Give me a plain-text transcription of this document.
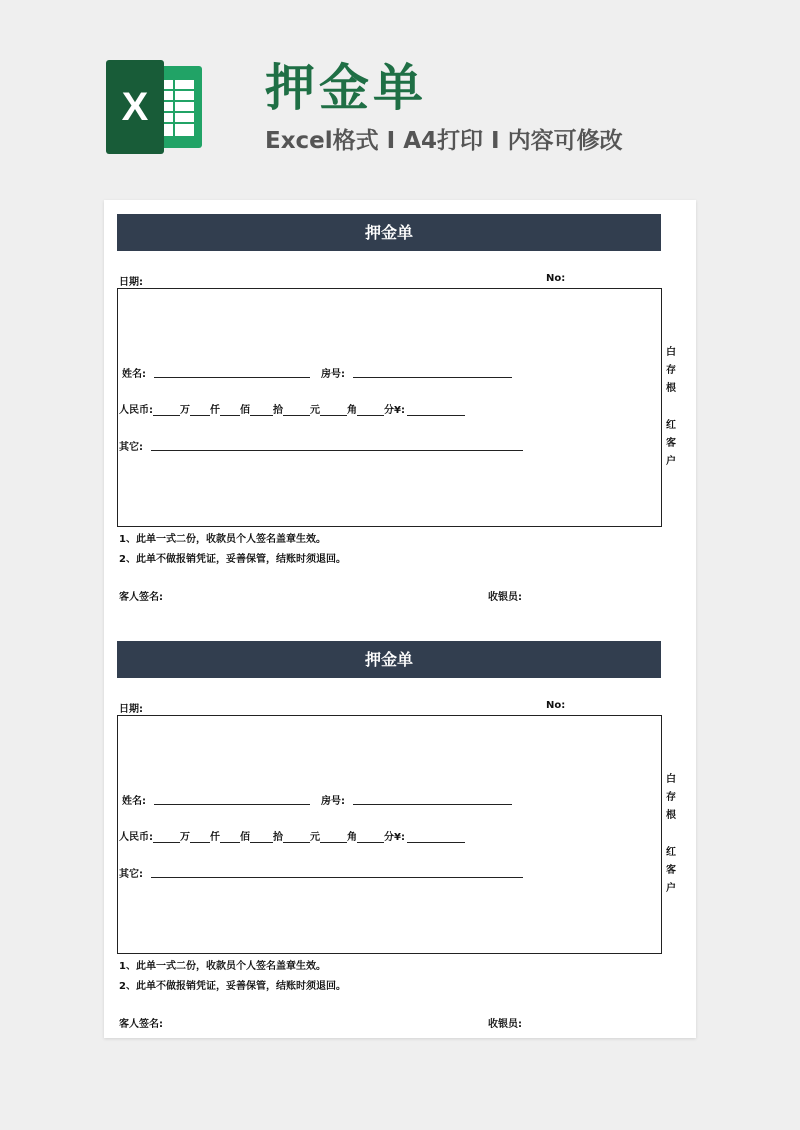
X 押金单
Excel格式 I A4打印 I 内容可修改
押金单
日期:	No:
姓名:	房号:
人民币:	万 仟 佰 拾	元	角	分¥:
其它:
白
存
根
红
客
户
1、此单一式二份，收款员个人签名盖章生效。
2、此单不做报销凭证，妥善保管，结账时须退回。
客人签名:	收银员:
押金单
日期:	No:
姓名:	房号:
人民币:	万 仟 佰 拾	元	角	分¥:
其它:
白
存
根
红
客
户
1、此单一式二份，收款员个人签名盖章生效。
2、此单不做报销凭证，妥善保管，结账时须退回。
客人签名:	收银员:
